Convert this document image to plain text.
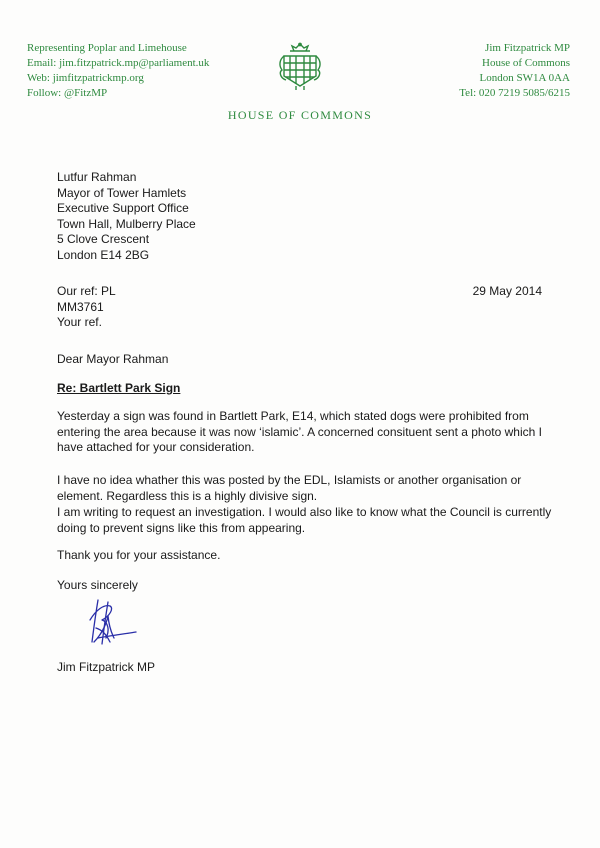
Representing Poplar and Limehouse
Email: jim.fitzpatrick.mp@parliament.uk
Web: jimfitzpatrickmp.org
Follow: @FitzMP
Jim Fitzpatrick MP
House of Commons
London SW1A 0AA
Tel: 020 7219 5085/6215
HOUSE OF COMMONS
Lutfur Rahman
Mayor of Tower Hamlets
Executive Support Office
Town Hall, Mulberry Place
5 Clove Crescent
London E14 2BG
Our ref: PL
MM3761
Your ref.
29 May 2014
Dear Mayor Rahman
Re: Bartlett Park Sign

Yesterday a sign was found in Bartlett Park, E14, which stated dogs were prohibited from entering the area because it was now ‘islamic’. A concerned consituent sent a photo which I have attached for your consideration.

I have no idea whather this was posted by the EDL, Islamists or another organisation or element. Regardless this is a highly divisive sign.

I am writing to request an investigation. I would also like to know what the Council is currently doing to prevent signs like this from appearing.

Thank you for your assistance.

Yours sincerely
Jim Fitzpatrick MP
